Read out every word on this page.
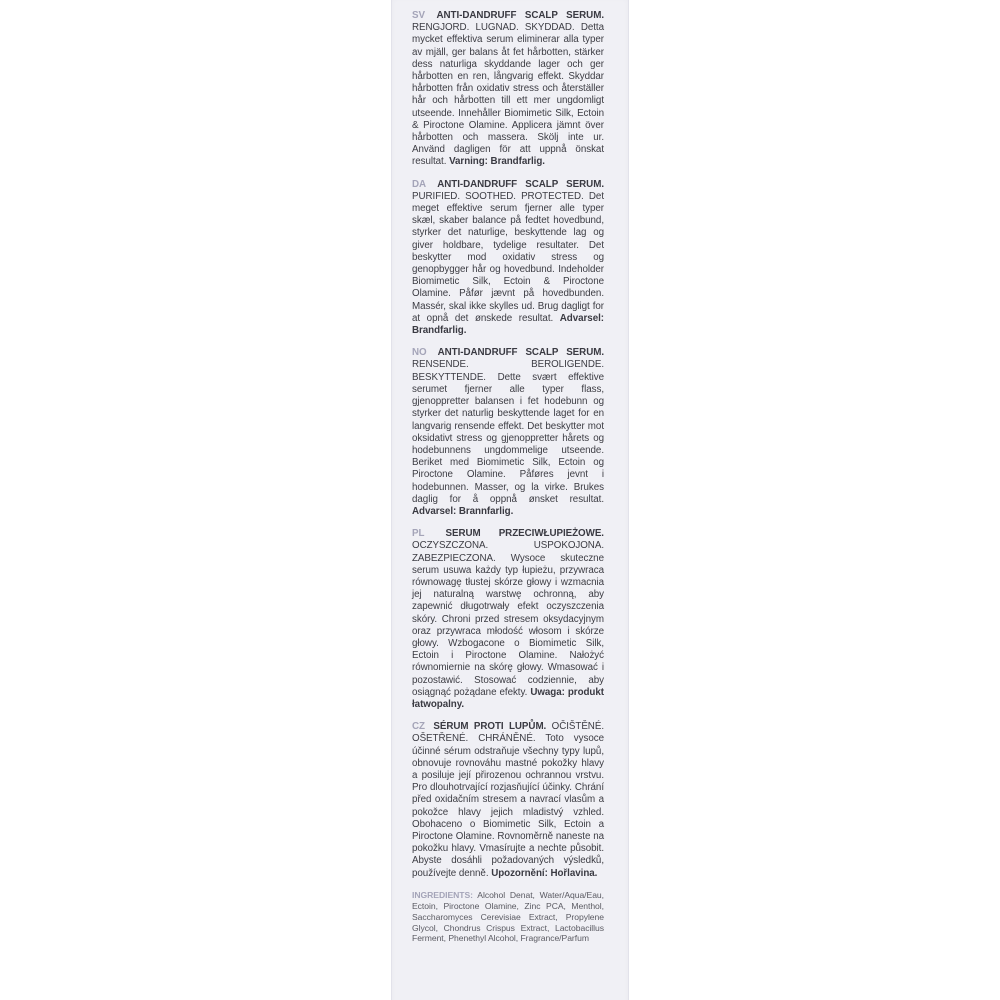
SV ANTI-DANDRUFF SCALP SERUM. RENGJORD. LUGNAD. SKYDDAD. Detta mycket effektiva serum eliminerar alla typer av mjäll, ger balans åt fet hårbotten, stärker dess naturliga skyddande lager och ger hårbotten en ren, långvarig effekt. Skyddar hårbotten från oxidativ stress och återställer hår och hårbotten till ett mer ungdomligt utseende. Innehåller Biomimetic Silk, Ectoin & Piroctone Olamine. Applicera jämnt över hårbotten och massera. Skölj inte ur. Använd dagligen för att uppnå önskat resultat. Varning: Brandfarlig.

DA ANTI-DANDRUFF SCALP SERUM. PURIFIED. SOOTHED. PROTECTED. Det meget effektive serum fjerner alle typer skæl, skaber balance på fedtet hovedbund, styrker det naturlige, beskyttende lag og giver holdbare, tydelige resultater. Det beskytter mod oxidativ stress og genopbygger hår og hovedbund. Indeholder Biomimetic Silk, Ectoin & Piroctone Olamine. Påfør jævnt på hovedbunden. Massér, skal ikke skylles ud. Brug dagligt for at opnå det ønskede resultat. Advarsel: Brandfarlig.

NO ANTI-DANDRUFF SCALP SERUM. RENSENDE. BEROLIGENDE. BESKYTTENDE. Dette svært effektive serumet fjerner alle typer flass, gjenoppretter balansen i fet hodebunn og styrker det naturlig beskyttende laget for en langvarig rensende effekt. Det beskytter mot oksidativt stress og gjenoppretter hårets og hodebunnens ungdommelige utseende. Beriket med Biomimetic Silk, Ectoin og Piroctone Olamine. Påføres jevnt i hodebunnen. Masser, og la virke. Brukes daglig for å oppnå ønsket resultat. Advarsel: Brannfarlig.

PL SERUM PRZECIWŁUPIEŻOWE. OCZYSZCZONA. USPOKOJONA. ZABEZPIECZONA. Wysoce skuteczne serum usuwa każdy typ łupieżu, przywraca równowagę tłustej skórze głowy i wzmacnia jej naturalną warstwę ochronną, aby zapewnić długotrwały efekt oczyszczenia skóry. Chroni przed stresem oksydacyjnym oraz przywraca młodość włosom i skórze głowy. Wzbogacone o Biomimetic Silk, Ectoin i Piroctone Olamine. Nałożyć równomiernie na skórę głowy. Wmasować i pozostawić. Stosować codziennie, aby osiągnąć pożądane efekty. Uwaga: produkt łatwopalny.

CZ SÉRUM PROTI LUPŮM. OČIŠTĚNÉ. OŠETŘENÉ. CHRÁNĚNÉ. Toto vysoce účinné sérum odstraňuje všechny typy lupů, obnovuje rovnováhu mastné pokožky hlavy a posiluje její přirozenou ochrannou vrstvu. Pro dlouhotrvající rozjasňující účinky. Chrání před oxidačním stresem a navrací vlasům a pokožce hlavy jejich mladistvý vzhled. Obohaceno o Biomimetic Silk, Ectoin a Piroctone Olamine. Rovnoměrně naneste na pokožku hlavy. Vmasírujte a nechte působit. Abyste dosáhli požadovaných výsledků, používejte denně. Upozornění: Hořlavina.

INGREDIENTS: Alcohol Denat, Water/Aqua/Eau, Ectoin, Piroctone Olamine, Zinc PCA, Menthol, Saccharomyces Cerevisiae Extract, Propylene Glycol, Chondrus Crispus Extract, Lactobacillus Ferment, Phenethyl Alcohol, Fragrance/Parfum
